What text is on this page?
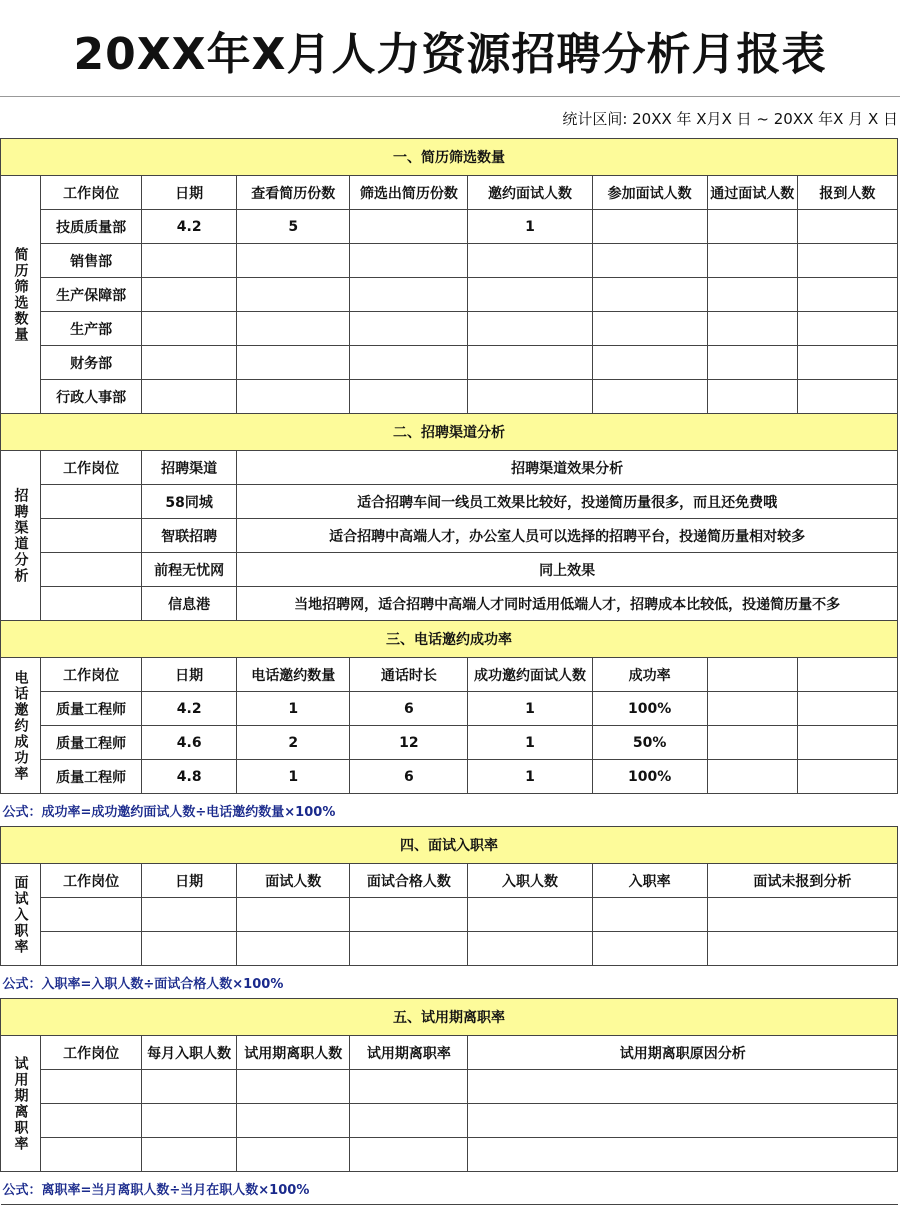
20XX年X月人力资源招聘分析月报表
统计区间: 20XX 年 X月X 日 ~ 20XX 年X 月 X 日
一、简历筛选数量								
简历筛选数量	工作岗位	日期	查看简历份数	筛选出简历份数	邀约面试人数	参加面试人数	通过面试人数	报到人数
	技质质量部	4.2	5		1			
	销售部							
	生产保障部							
	生产部							
	财务部							
	行政人事部							
二、招聘渠道分析								
招聘渠道分析	工作岗位	招聘渠道	招聘渠道效果分析					
		58同城	适合招聘车间一线员工效果比较好，投递简历量很多，而且还免费哦					
		智联招聘	适合招聘中高端人才，办公室人员可以选择的招聘平台，投递简历量相对较多					
		前程无忧网	同上效果					
		信息港	当地招聘网，适合招聘中高端人才同时适用低端人才，招聘成本比较低，投递简历量不多					
三、电话邀约成功率								
电话邀约成功率	工作岗位	日期	电话邀约数量	通话时长	成功邀约面试人数	成功率		
	质量工程师	4.2	1	6	1	100%		
	质量工程师	4.6	2	12	1	50%		
	质量工程师	4.8	1	6	1	100%		
公式：成功率=成功邀约面试人数÷电话邀约数量×100%								
四、面试入职率								
面试入职率	工作岗位	日期	面试人数	面试合格人数	入职人数	入职率	面试未报到分析	

公式：入职率=入职人数÷面试合格人数×100%								
五、试用期离职率								
试用期离职率	工作岗位	每月入职人数	试用期离职人数	试用期离职率	试用期离职原因分析			

公式：离职率=当月离职人数÷当月在职人数×100%								
